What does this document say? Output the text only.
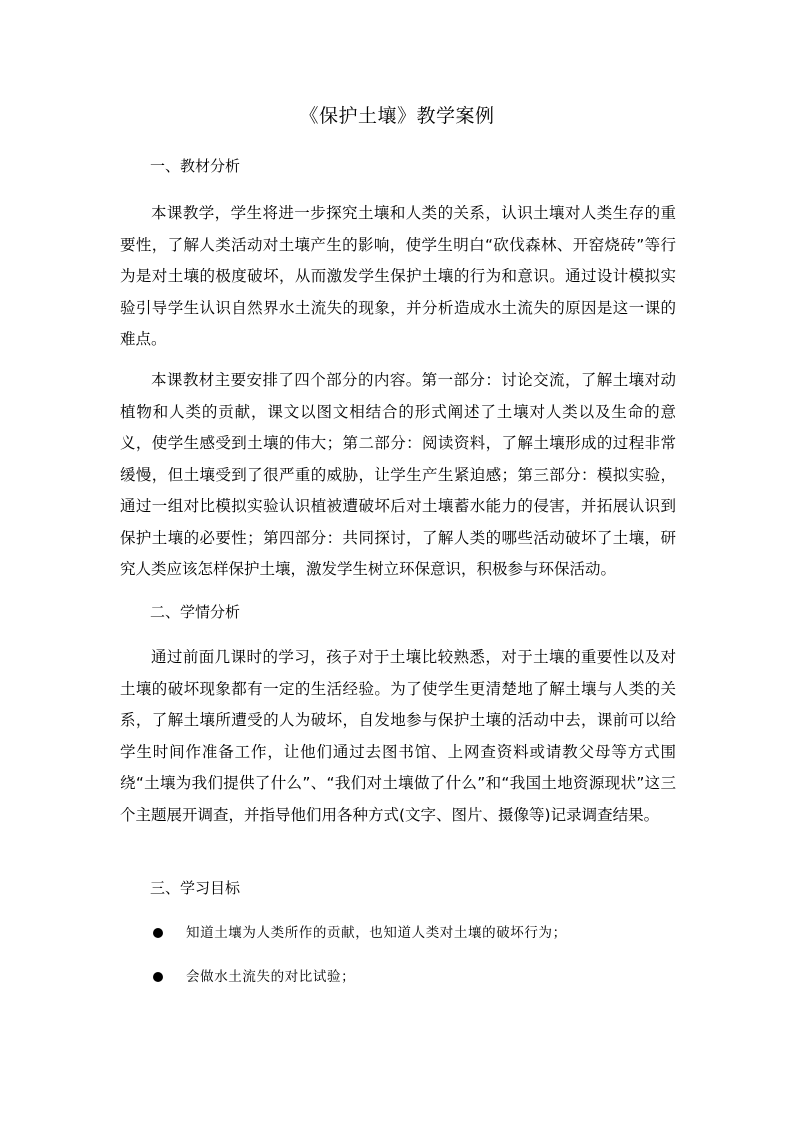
《保护土壤》教学案例
一、教材分析

本课教学，学生将进一步探究土壤和人类的关系，认识土壤对人类生存的重要性，了解人类活动对土壤产生的影响，使学生明白“砍伐森林、开窑烧砖”等行为是对土壤的极度破坏，从而激发学生保护土壤的行为和意识。通过设计模拟实验引导学生认识自然界水土流失的现象，并分析造成水土流失的原因是这一课的难点。

本课教材主要安排了四个部分的内容。第一部分：讨论交流，了解土壤对动植物和人类的贡献，课文以图文相结合的形式阐述了土壤对人类以及生命的意义，使学生感受到土壤的伟大；第二部分：阅读资料，了解土壤形成的过程非常缓慢，但土壤受到了很严重的威胁，让学生产生紧迫感；第三部分：模拟实验，通过一组对比模拟实验认识植被遭破坏后对土壤蓄水能力的侵害，并拓展认识到保护土壤的必要性；第四部分：共同探讨，了解人类的哪些活动破坏了土壤，研究人类应该怎样保护土壤，激发学生树立环保意识，积极参与环保活动。

二、学情分析

通过前面几课时的学习，孩子对于土壤比较熟悉，对于土壤的重要性以及对土壤的破坏现象都有一定的生活经验。为了使学生更清楚地了解土壤与人类的关系，了解土壤所遭受的人为破坏，自发地参与保护土壤的活动中去，课前可以给学生时间作准备工作，让他们通过去图书馆、上网查资料或请教父母等方式围绕“土壤为我们提供了什么”、“我们对土壤做了什么”和“我国土地资源现状”这三个主题展开调查，并指导他们用各种方式(文字、图片、摄像等)记录调查结果。

三、学习目标
知道土壤为人类所作的贡献，也知道人类对土壤的破坏行为；
会做水土流失的对比试验；
